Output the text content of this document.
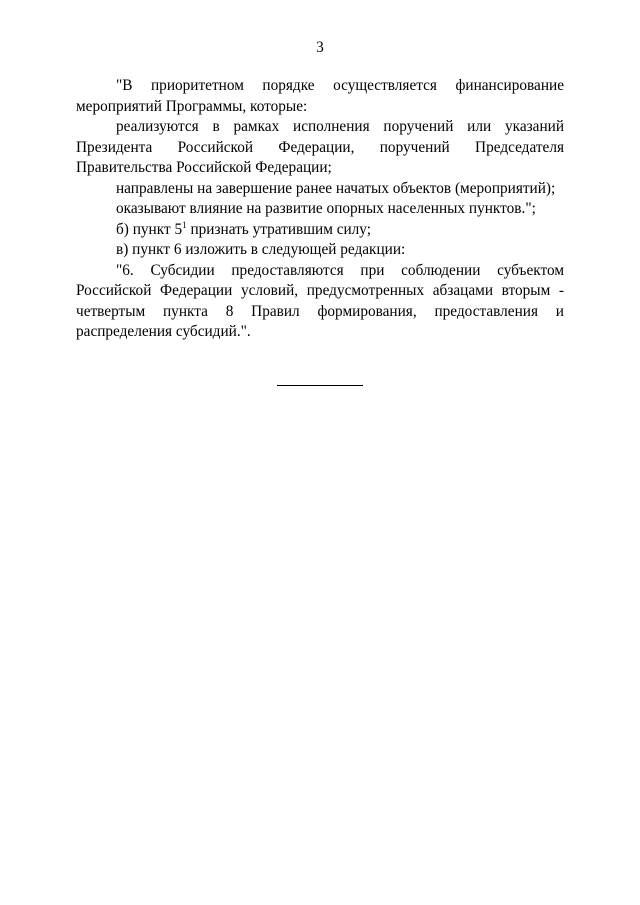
3

"В приоритетном порядке осуществляется финансирование

мероприятий Программы, которые:

реализуются в рамках исполнения поручений или указаний Президента Российской Федерации, поручений Председателя Правительства Российской Федерации;

направлены на завершение ранее начатых объектов (мероприятий);

оказывают влияние на развитие опорных населенных пунктов.";

б) пункт $5^1$ признать утратившим силу;

в) пункт 6 изложить в следующей редакции:

"6. Субсидии предоставляются при соблюдении субъектом Российской Федерации условий, предусмотренных абзацами вторым - четвертым пункта 8 Правил формирования, предоставления и распределения субсидий.".
